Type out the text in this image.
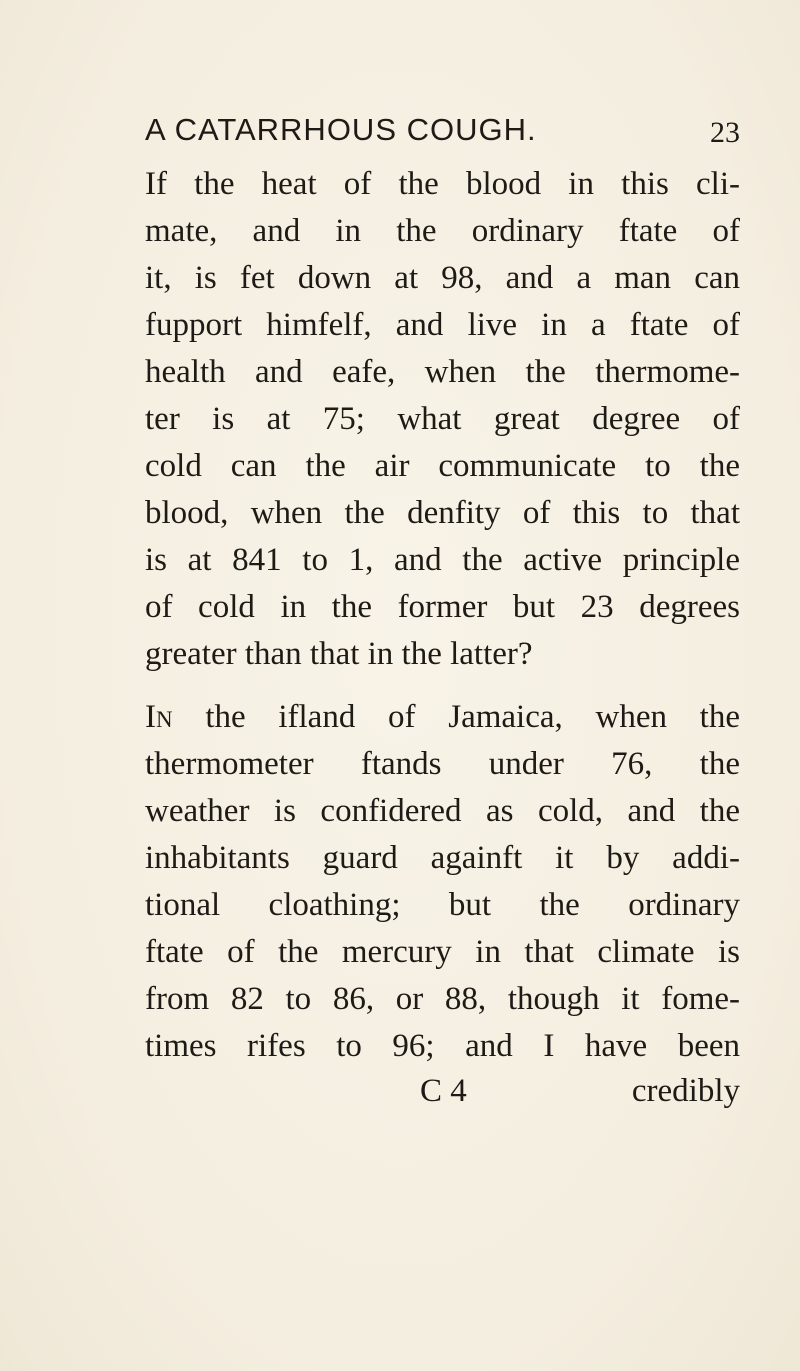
A CATARRHOUS COUGH.	23
If the heat of the blood in this cli-
mate, and in the ordinary ftate of
it, is fet down at 98, and a man can
fupport himfelf, and live in a ftate of
health and eafe, when the thermome-
ter is at 75; what great degree of
cold can the air communicate to the
blood, when the denfity of this to that
is at 841 to 1, and the active principle
of cold in the former but 23 degrees
greater than that in the latter?
In the ifland of Jamaica, when the
thermometer ftands under 76, the
weather is confidered as cold, and the
inhabitants guard againft it by addi-
tional cloathing; but the ordinary
ftate of the mercury in that climate is
from 82 to 86, or 88, though it fome-
times rifes to 96; and I have been
C 4	credibly
